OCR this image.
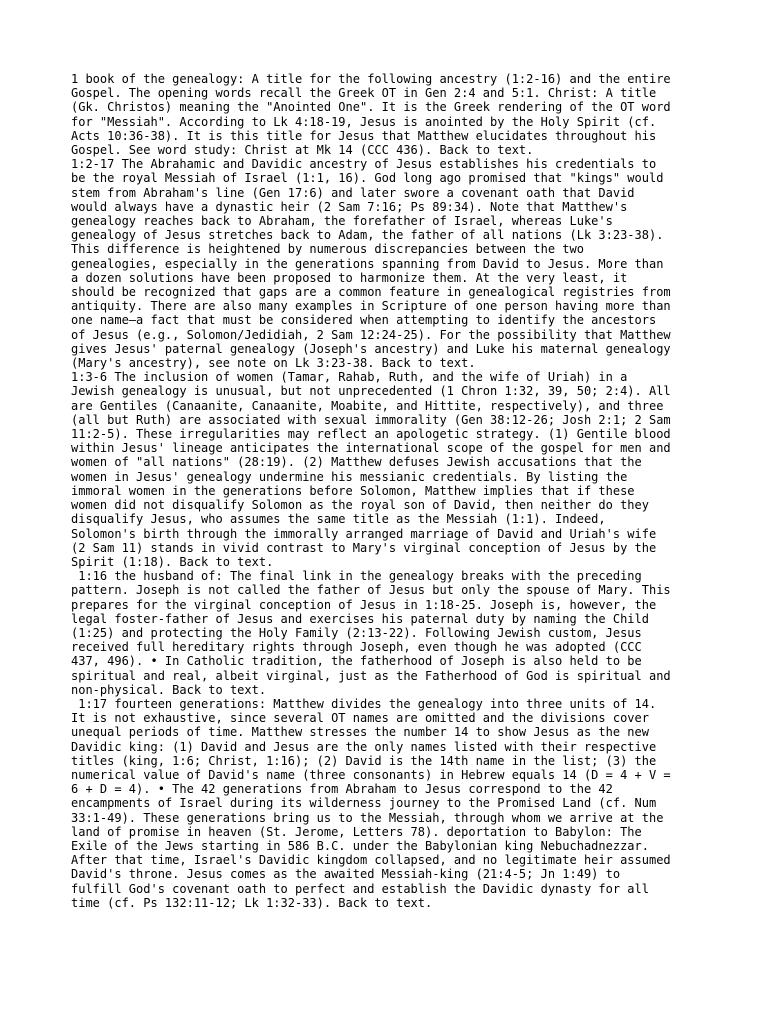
1 book of the genealogy: A title for the following ancestry (1:2-16) and the entire
Gospel. The opening words recall the Greek OT in Gen 2:4 and 5:1. Christ: A title
(Gk. Christos) meaning the "Anointed One". It is the Greek rendering of the OT word
for "Messiah". According to Lk 4:18-19, Jesus is anointed by the Holy Spirit (cf.
Acts 10:36-38). It is this title for Jesus that Matthew elucidates throughout his
Gospel. See word study: Christ at Mk 14 (CCC 436). Back to text.
1:2-17 The Abrahamic and Davidic ancestry of Jesus establishes his credentials to
be the royal Messiah of Israel (1:1, 16). God long ago promised that "kings" would
stem from Abraham's line (Gen 17:6) and later swore a covenant oath that David
would always have a dynastic heir (2 Sam 7:16; Ps 89:34). Note that Matthew's
genealogy reaches back to Abraham, the forefather of Israel, whereas Luke's
genealogy of Jesus stretches back to Adam, the father of all nations (Lk 3:23-38).
This difference is heightened by numerous discrepancies between the two
genealogies, especially in the generations spanning from David to Jesus. More than
a dozen solutions have been proposed to harmonize them. At the very least, it
should be recognized that gaps are a common feature in genealogical registries from
antiquity. There are also many examples in Scripture of one person having more than
one name—a fact that must be considered when attempting to identify the ancestors
of Jesus (e.g., Solomon/Jedidiah, 2 Sam 12:24-25). For the possibility that Matthew
gives Jesus' paternal genealogy (Joseph's ancestry) and Luke his maternal genealogy
(Mary's ancestry), see note on Lk 3:23-38. Back to text.
1:3-6 The inclusion of women (Tamar, Rahab, Ruth, and the wife of Uriah) in a
Jewish genealogy is unusual, but not unprecedented (1 Chron 1:32, 39, 50; 2:4). All
are Gentiles (Canaanite, Canaanite, Moabite, and Hittite, respectively), and three
(all but Ruth) are associated with sexual immorality (Gen 38:12-26; Josh 2:1; 2 Sam
11:2-5). These irregularities may reflect an apologetic strategy. (1) Gentile blood
within Jesus' lineage anticipates the international scope of the gospel for men and
women of "all nations" (28:19). (2) Matthew defuses Jewish accusations that the
women in Jesus' genealogy undermine his messianic credentials. By listing the
immoral women in the generations before Solomon, Matthew implies that if these
women did not disqualify Solomon as the royal son of David, then neither do they
disqualify Jesus, who assumes the same title as the Messiah (1:1). Indeed,
Solomon's birth through the immorally arranged marriage of David and Uriah's wife
(2 Sam 11) stands in vivid contrast to Mary's virginal conception of Jesus by the
Spirit (1:18). Back to text.
1:16 the husband of: The final link in the genealogy breaks with the preceding
pattern. Joseph is not called the father of Jesus but only the spouse of Mary. This
prepares for the virginal conception of Jesus in 1:18-25. Joseph is, however, the
legal foster-father of Jesus and exercises his paternal duty by naming the Child
(1:25) and protecting the Holy Family (2:13-22). Following Jewish custom, Jesus
received full hereditary rights through Joseph, even though he was adopted (CCC
437, 496). • In Catholic tradition, the fatherhood of Joseph is also held to be
spiritual and real, albeit virginal, just as the Fatherhood of God is spiritual and
non-physical. Back to text.
1:17 fourteen generations: Matthew divides the genealogy into three units of 14.
It is not exhaustive, since several OT names are omitted and the divisions cover
unequal periods of time. Matthew stresses the number 14 to show Jesus as the new
Davidic king: (1) David and Jesus are the only names listed with their respective
titles (king, 1:6; Christ, 1:16); (2) David is the 14th name in the list; (3) the
numerical value of David's name (three consonants) in Hebrew equals 14 (D = 4 + V =
6 + D = 4). • The 42 generations from Abraham to Jesus correspond to the 42
encampments of Israel during its wilderness journey to the Promised Land (cf. Num
33:1-49). These generations bring us to the Messiah, through whom we arrive at the
land of promise in heaven (St. Jerome, Letters 78). deportation to Babylon: The
Exile of the Jews starting in 586 B.C. under the Babylonian king Nebuchadnezzar.
After that time, Israel's Davidic kingdom collapsed, and no legitimate heir assumed
David's throne. Jesus comes as the awaited Messiah-king (21:4-5; Jn 1:49) to
fulfill God's covenant oath to perfect and establish the Davidic dynasty for all
time (cf. Ps 132:11-12; Lk 1:32-33). Back to text.
